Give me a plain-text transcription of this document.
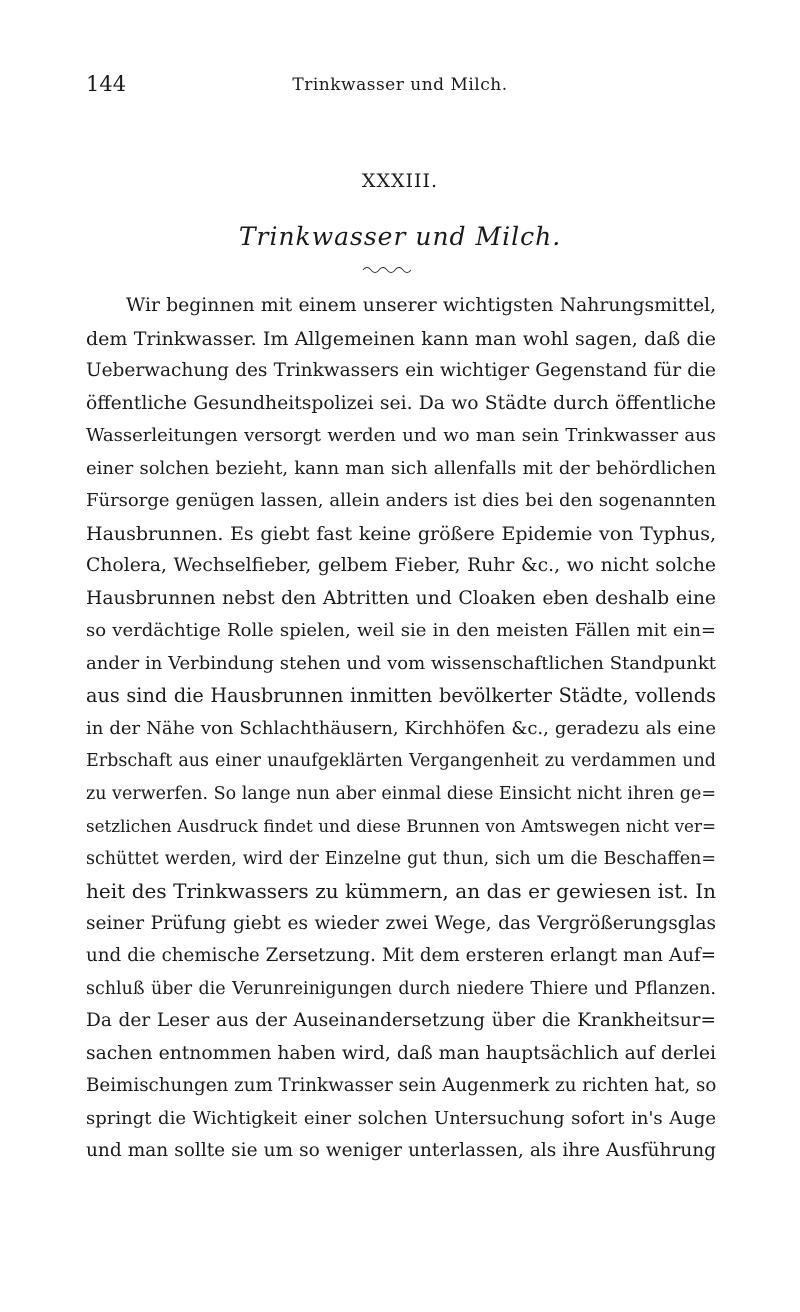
144	Trinkwasser und Milch.
XXXIII.
Trinkwasser und Milch.
Wir beginnen mit einem unserer wichtigsten Nahrungsmittel,
dem Trinkwasser. Im Allgemeinen kann man wohl sagen, daß die
Ueberwachung des Trinkwassers ein wichtiger Gegenstand für die
öffentliche Gesundheitspolizei sei. Da wo Städte durch öffentliche
Wasserleitungen versorgt werden und wo man sein Trinkwasser aus
einer solchen bezieht, kann man sich allenfalls mit der behördlichen
Fürsorge genügen lassen, allein anders ist dies bei den sogenannten
Hausbrunnen. Es giebt fast keine größere Epidemie von Typhus,
Cholera, Wechselfieber, gelbem Fieber, Ruhr &c., wo nicht solche
Hausbrunnen nebst den Abtritten und Cloaken eben deshalb eine
so verdächtige Rolle spielen, weil sie in den meisten Fällen mit ein=
ander in Verbindung stehen und vom wissenschaftlichen Standpunkt
aus sind die Hausbrunnen inmitten bevölkerter Städte, vollends
in der Nähe von Schlachthäusern, Kirchhöfen &c., geradezu als eine
Erbschaft aus einer unaufgeklärten Vergangenheit zu verdammen und
zu verwerfen. So lange nun aber einmal diese Einsicht nicht ihren ge=
setzlichen Ausdruck findet und diese Brunnen von Amtswegen nicht ver=
schüttet werden, wird der Einzelne gut thun, sich um die Beschaffen=
heit des Trinkwassers zu kümmern, an das er gewiesen ist. In
seiner Prüfung giebt es wieder zwei Wege, das Vergrößerungsglas
und die chemische Zersetzung. Mit dem ersteren erlangt man Auf=
schluß über die Verunreinigungen durch niedere Thiere und Pflanzen.
Da der Leser aus der Auseinandersetzung über die Krankheitsur=
sachen entnommen haben wird, daß man hauptsächlich auf derlei
Beimischungen zum Trinkwasser sein Augenmerk zu richten hat, so
springt die Wichtigkeit einer solchen Untersuchung sofort in's Auge
und man sollte sie um so weniger unterlassen, als ihre Ausführung
